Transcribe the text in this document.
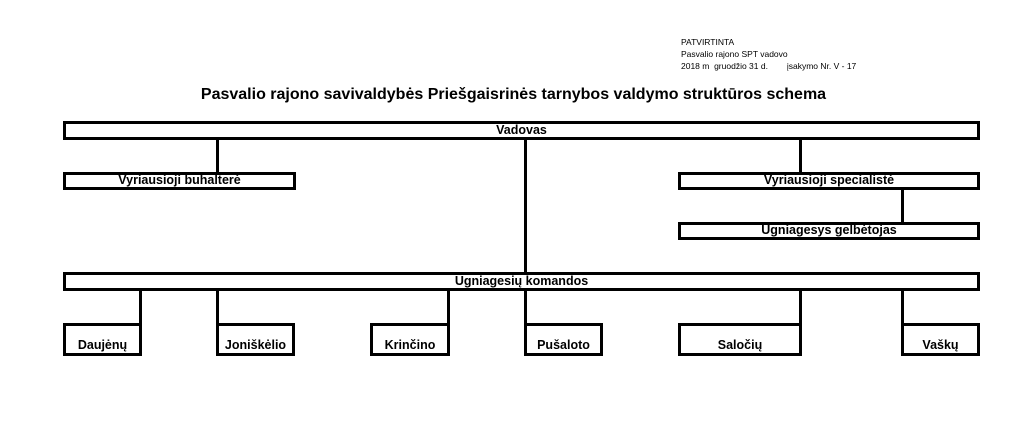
PATVIRTINTA
Pasvalio rajono SPT vadovo
2018 m  gruodžio 31 d.        įsakymo Nr. V - 17
Pasvalio rajono savivaldybės Priešgaisrinės tarnybos valdymo struktūros schema
Vadovas
Vyriausioji buhalterė	Vyriausioji specialistė
Ugniagesys gelbėtojas
Ugniagesių komandos
Daujėnų	Joniškėlio	Krinčino	Pušaloto	Saločių	Vaškų
